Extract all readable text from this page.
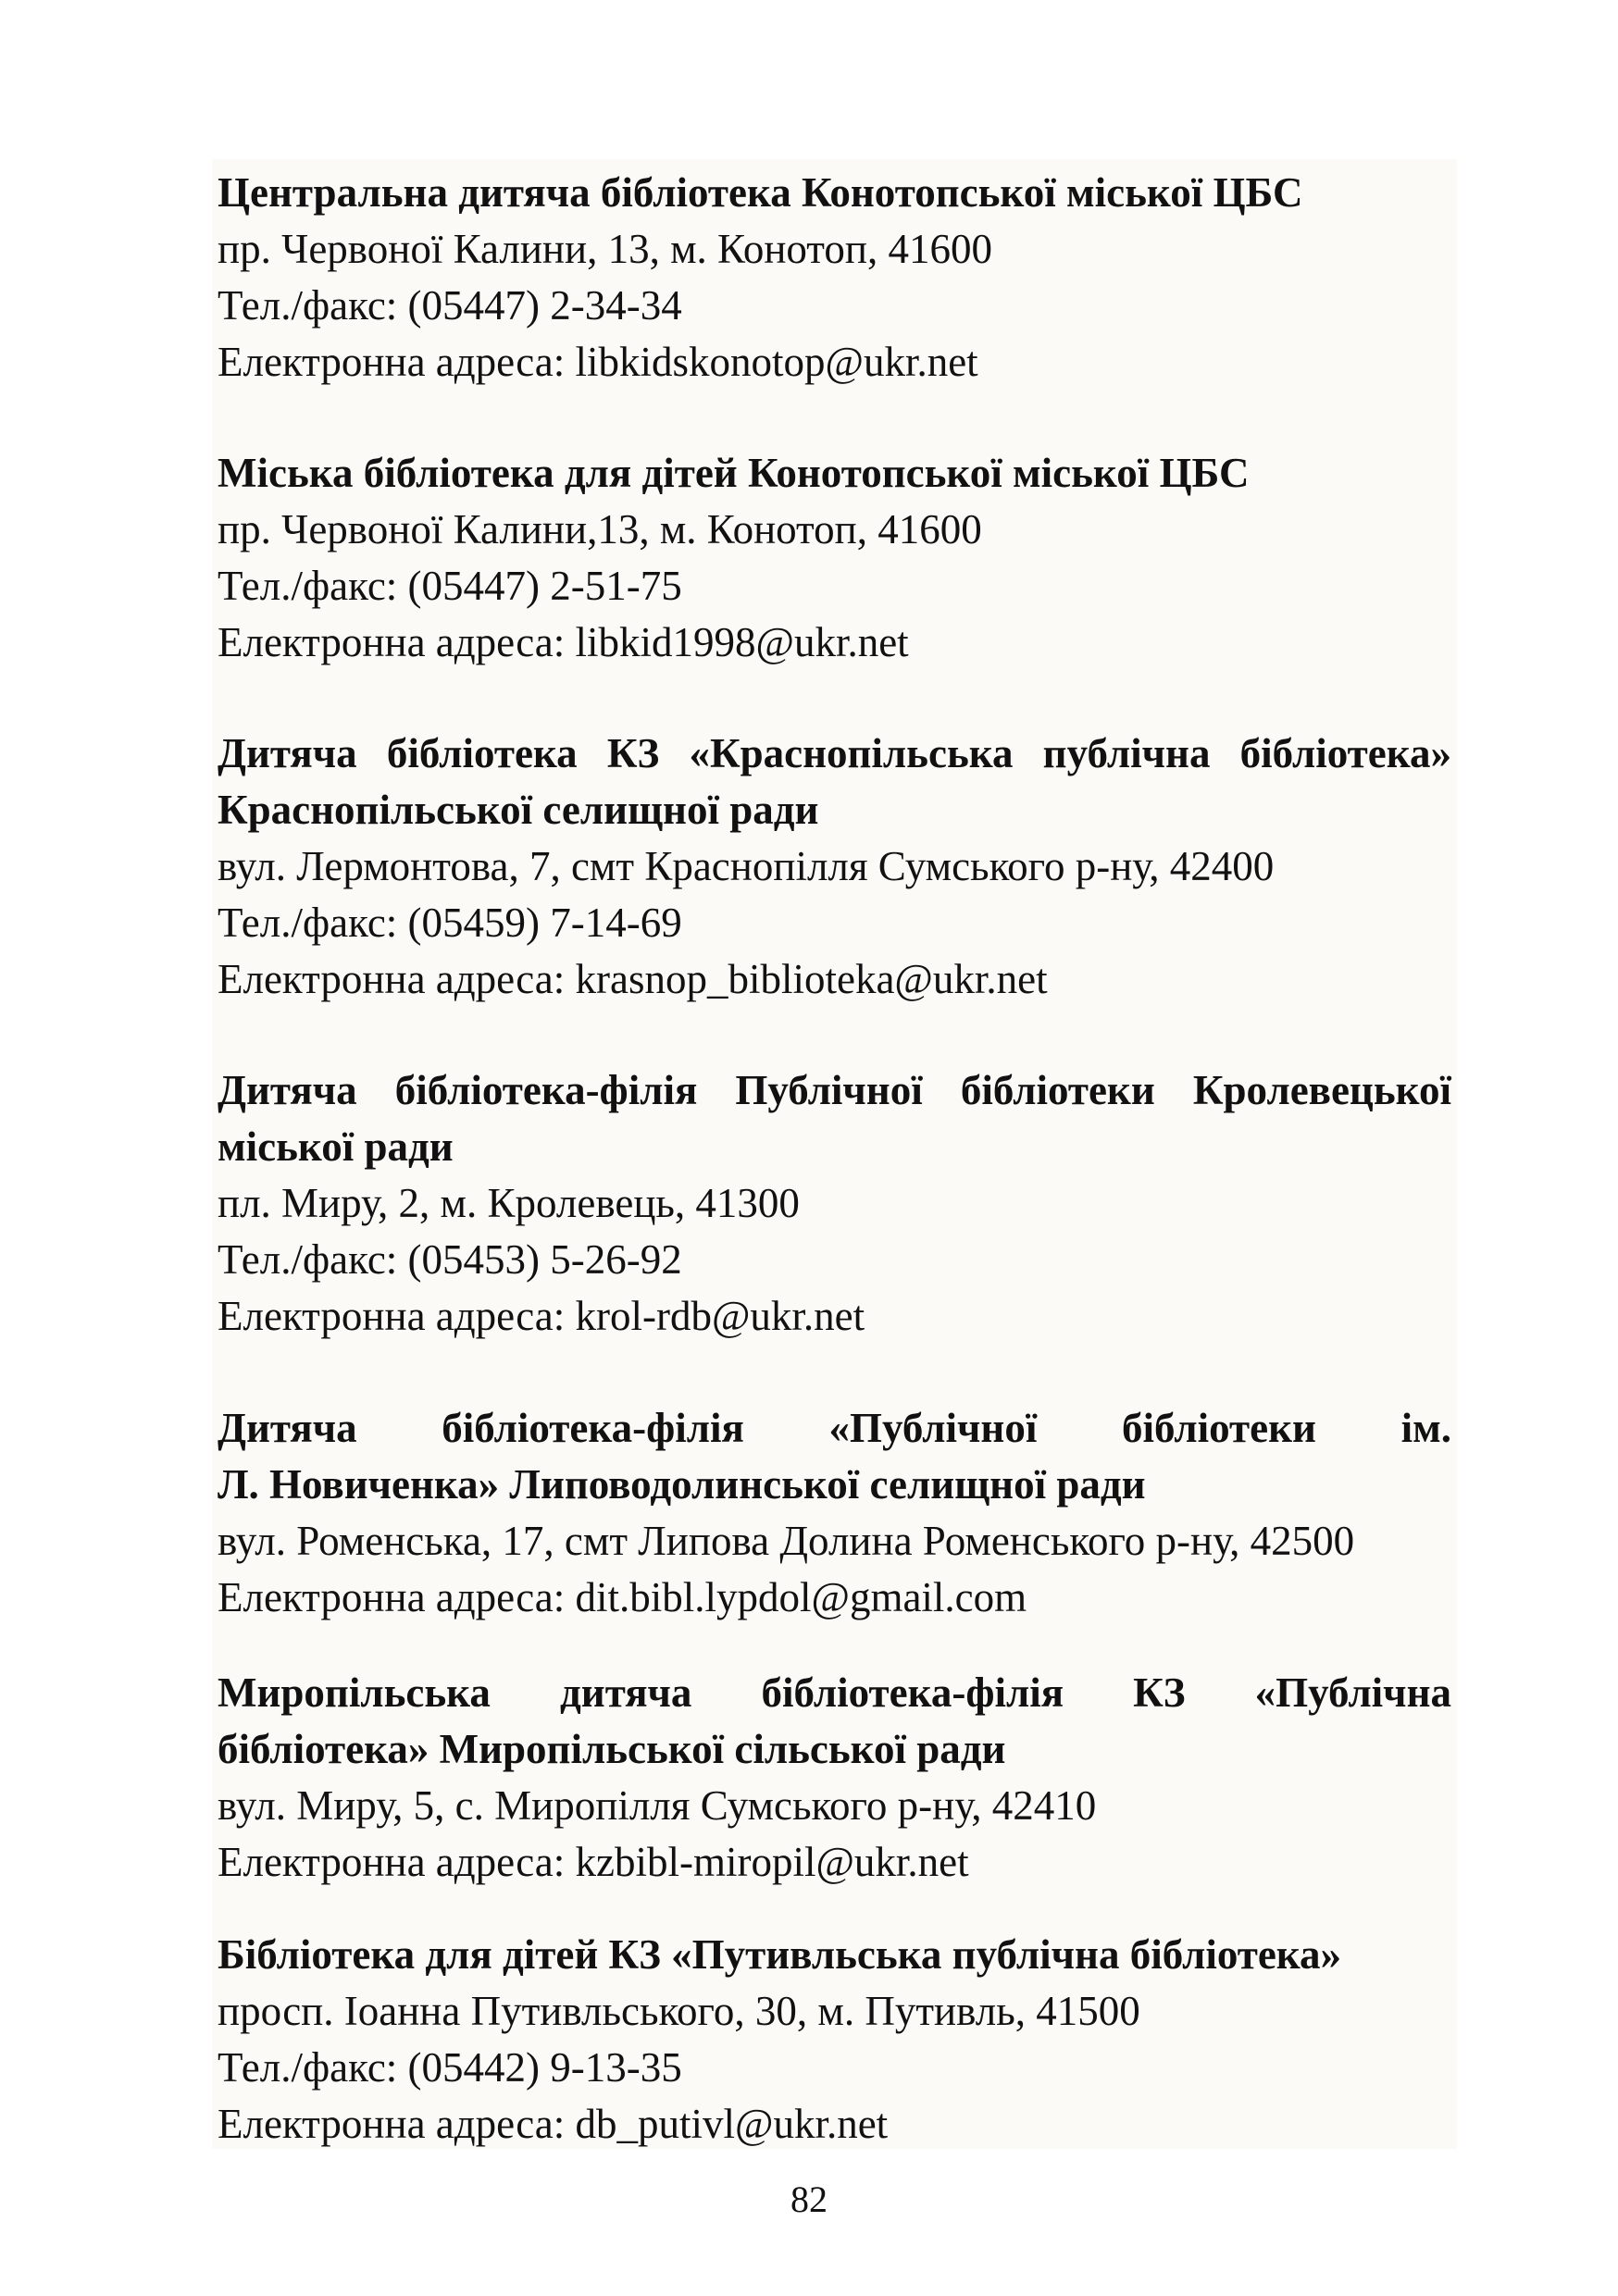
Центральна дитяча бібліотека Конотопської міської ЦБС
пр. Червоної Калини, 13, м. Конотоп, 41600
Тел./факс: (05447) 2-34-34
Електронна адреса: libkidskonotop@ukr.net
Міська бібліотека для дітей Конотопської міської ЦБС
пр. Червоної Калини,13, м. Конотоп, 41600
Тел./факс: (05447) 2-51-75
Електронна адреса: libkid1998@ukr.net
Дитяча бібліотека КЗ «Краснопільська публічна бібліотека»
Краснопільської селищної ради
вул. Лермонтова, 7, смт Краснопілля Сумського р-ну, 42400
Тел./факс: (05459) 7-14-69
Електронна адреса: krasnop_biblioteka@ukr.net
Дитяча бібліотека-філія Публічної бібліотеки Кролевецької
міської ради
пл. Миру, 2, м. Кролевець, 41300
Тел./факс: (05453) 5-26-92
Електронна адреса: krol-rdb@ukr.net
Дитяча бібліотека-філія «Публічної бібліотеки ім.
Л. Новиченка» Липоводолинської селищної ради
вул. Роменська, 17, смт Липова Долина Роменського р-ну, 42500
Електронна адреса: dit.bibl.lypdol@gmail.com
Миропільська дитяча бібліотека-філія КЗ «Публічна
бібліотека» Миропільської сільської ради
вул. Миру, 5, с. Миропілля Сумського р-ну, 42410
Електронна адреса: kzbibl-miropil@ukr.net
Бібліотека для дітей КЗ «Путивльська публічна бібліотека»
просп. Іоанна Путивльського, 30, м. Путивль, 41500
Тел./факс: (05442) 9-13-35
Електронна адреса: db_putivl@ukr.net
82
